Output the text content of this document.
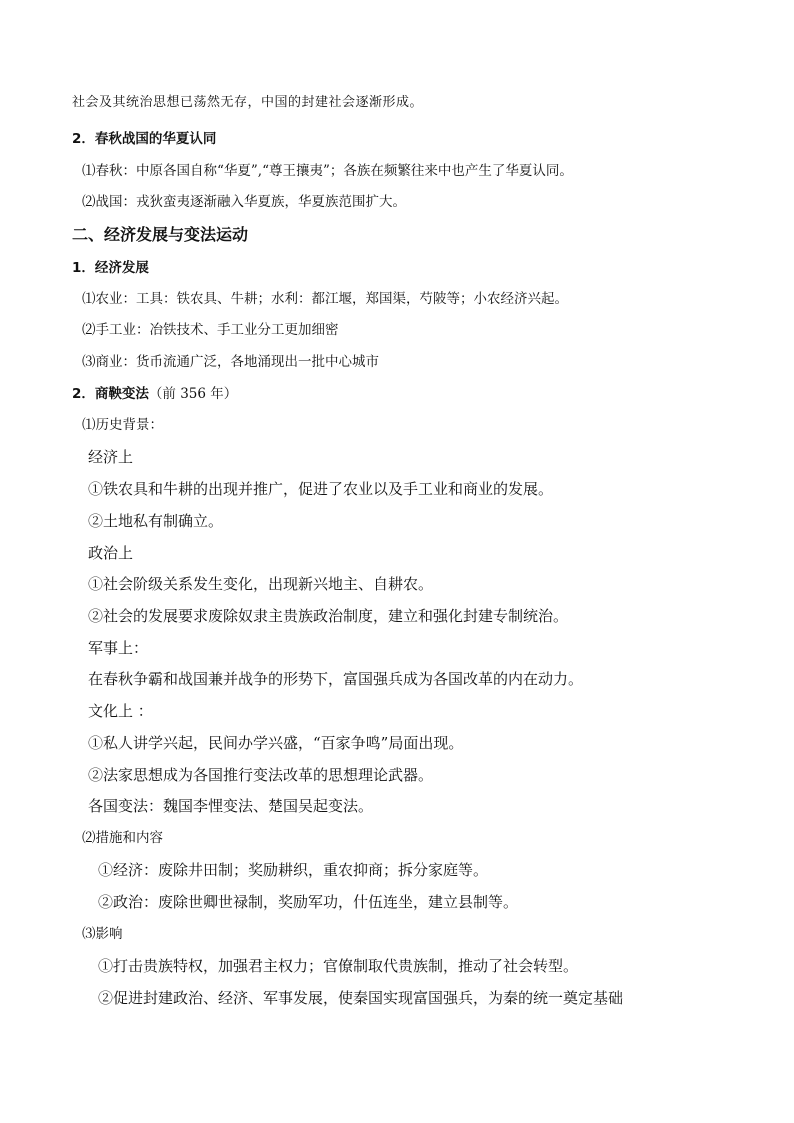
社会及其统治思想已荡然无存，中国的封建社会逐渐形成。
2．春秋战国的华夏认同
⑴春秋：中原各国自称“华夏”,“尊王攘夷”；各族在频繁往来中也产生了华夏认同。
⑵战国：戎狄蛮夷逐渐融入华夏族，华夏族范围扩大。
二、经济发展与变法运动
1．经济发展
⑴农业：工具：铁农具、牛耕；水利：都江堰，郑国渠，芍陂等；小农经济兴起。
⑵手工业：冶铁技术、手工业分工更加细密
⑶商业：货币流通广泛，各地涌现出一批中心城市
2．商鞅变法（前 356 年）
⑴历史背景：
经济上
①铁农具和牛耕的出现并推广，促进了农业以及手工业和商业的发展。
②土地私有制确立。
政治上
①社会阶级关系发生变化，出现新兴地主、自耕农。
②社会的发展要求废除奴隶主贵族政治制度，建立和强化封建专制统治。
军事上：
在春秋争霸和战国兼并战争的形势下，富国强兵成为各国改革的内在动力。
文化上 ：
①私人讲学兴起，民间办学兴盛，“百家争鸣”局面出现。
②法家思想成为各国推行变法改革的思想理论武器。
各国变法：魏国李悝变法、楚国吴起变法。
⑵措施和内容
①经济：废除井田制；奖励耕织，重农抑商；拆分家庭等。
②政治：废除世卿世禄制，奖励军功，什伍连坐，建立县制等。
⑶影响
①打击贵族特权，加强君主权力；官僚制取代贵族制，推动了社会转型。
②促进封建政治、经济、军事发展，使秦国实现富国强兵，为秦的统一奠定基础
